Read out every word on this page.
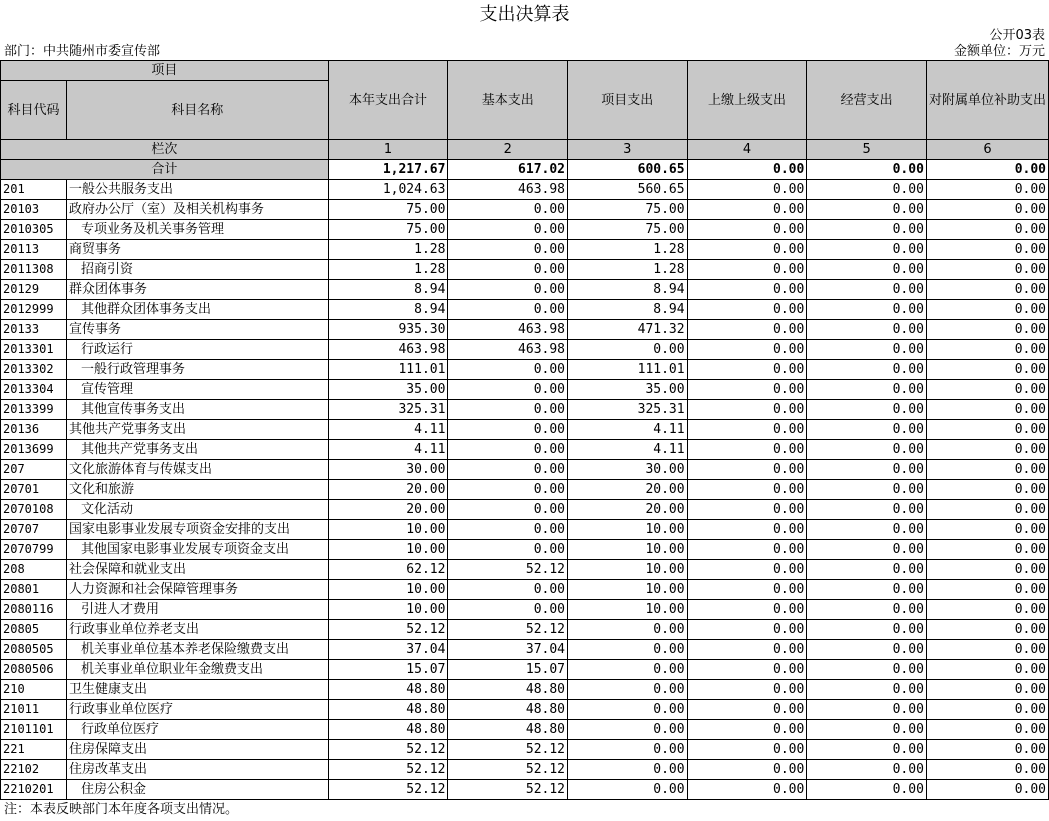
支出决算表
公开03表
部门：中共随州市委宣传部	金额单位：万元
项目		本年支出合计	基本支出	项目支出	上缴上级支出	经营支出	对附属单位补助支出
科目代码	科目名称						
栏次		1	2	3	4	5	6
合计		1,217.67	617.02	600.65	0.00	0.00	0.00
201	一般公共服务支出	1,024.63	463.98	560.65	0.00	0.00	0.00
20103	政府办公厅（室）及相关机构事务	75.00	0.00	75.00	0.00	0.00	0.00
2010305	专项业务及机关事务管理	75.00	0.00	75.00	0.00	0.00	0.00
20113	商贸事务	1.28	0.00	1.28	0.00	0.00	0.00
2011308	招商引资	1.28	0.00	1.28	0.00	0.00	0.00
20129	群众团体事务	8.94	0.00	8.94	0.00	0.00	0.00
2012999	其他群众团体事务支出	8.94	0.00	8.94	0.00	0.00	0.00
20133	宣传事务	935.30	463.98	471.32	0.00	0.00	0.00
2013301	行政运行	463.98	463.98	0.00	0.00	0.00	0.00
2013302	一般行政管理事务	111.01	0.00	111.01	0.00	0.00	0.00
2013304	宣传管理	35.00	0.00	35.00	0.00	0.00	0.00
2013399	其他宣传事务支出	325.31	0.00	325.31	0.00	0.00	0.00
20136	其他共产党事务支出	4.11	0.00	4.11	0.00	0.00	0.00
2013699	其他共产党事务支出	4.11	0.00	4.11	0.00	0.00	0.00
207	文化旅游体育与传媒支出	30.00	0.00	30.00	0.00	0.00	0.00
20701	文化和旅游	20.00	0.00	20.00	0.00	0.00	0.00
2070108	文化活动	20.00	0.00	20.00	0.00	0.00	0.00
20707	国家电影事业发展专项资金安排的支出	10.00	0.00	10.00	0.00	0.00	0.00
2070799	其他国家电影事业发展专项资金支出	10.00	0.00	10.00	0.00	0.00	0.00
208	社会保障和就业支出	62.12	52.12	10.00	0.00	0.00	0.00
20801	人力资源和社会保障管理事务	10.00	0.00	10.00	0.00	0.00	0.00
2080116	引进人才费用	10.00	0.00	10.00	0.00	0.00	0.00
20805	行政事业单位养老支出	52.12	52.12	0.00	0.00	0.00	0.00
2080505	机关事业单位基本养老保险缴费支出	37.04	37.04	0.00	0.00	0.00	0.00
2080506	机关事业单位职业年金缴费支出	15.07	15.07	0.00	0.00	0.00	0.00
210	卫生健康支出	48.80	48.80	0.00	0.00	0.00	0.00
21011	行政事业单位医疗	48.80	48.80	0.00	0.00	0.00	0.00
2101101	行政单位医疗	48.80	48.80	0.00	0.00	0.00	0.00
221	住房保障支出	52.12	52.12	0.00	0.00	0.00	0.00
22102	住房改革支出	52.12	52.12	0.00	0.00	0.00	0.00
2210201	住房公积金	52.12	52.12	0.00	0.00	0.00	0.00
注：本表反映部门本年度各项支出情况。
